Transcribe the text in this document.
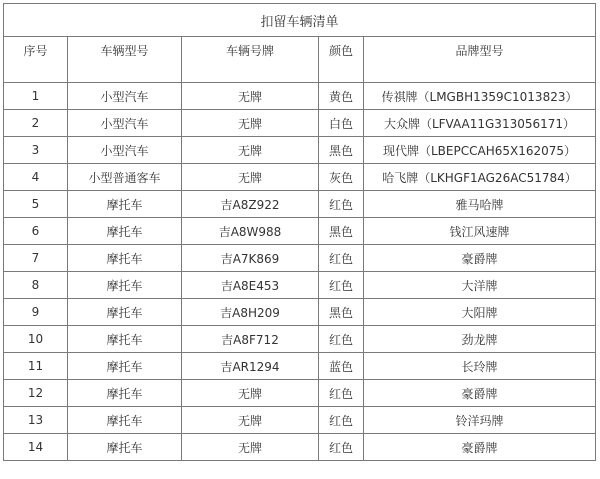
扣留车辆清单				
序号	车辆型号	车辆号牌	颜色	品牌型号
1	小型汽车	无牌	黄色	传祺牌（LMGBH1359C1013823）
2	小型汽车	无牌	白色	大众牌（LFVAA11G313056171）
3	小型汽车	无牌	黑色	现代牌（LBEPCCAH65X162075）
4	小型普通客车	无牌	灰色	哈飞牌（LKHGF1AG26AC51784）
5	摩托车	吉A8Z922	红色	雅马哈牌
6	摩托车	吉A8W988	黑色	钱江风速牌
7	摩托车	吉A7K869	红色	豪爵牌
8	摩托车	吉A8E453	红色	大洋牌
9	摩托车	吉A8H209	黑色	大阳牌
10	摩托车	吉A8F712	红色	劲龙牌
11	摩托车	吉AR1294	蓝色	长玲牌
12	摩托车	无牌	红色	豪爵牌
13	摩托车	无牌	红色	铃洋玛牌
14	摩托车	无牌	红色	豪爵牌
